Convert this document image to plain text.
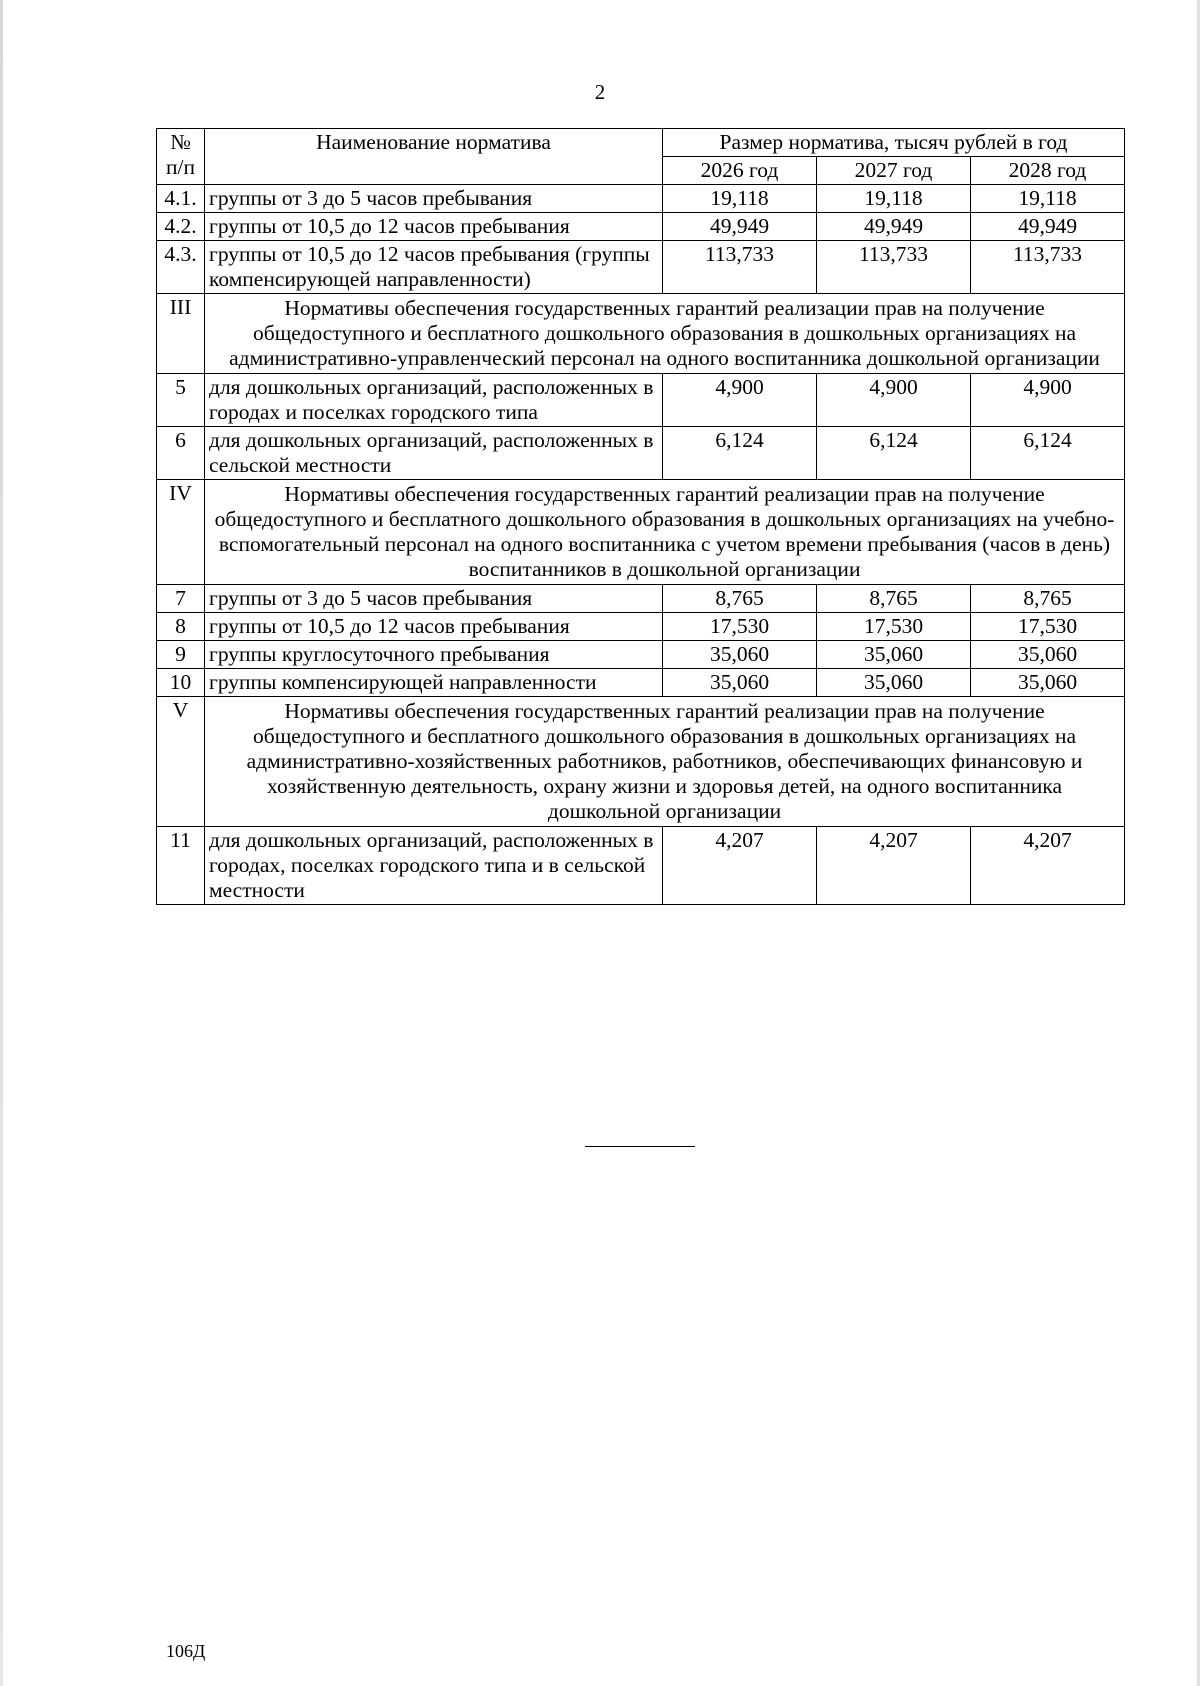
2
№ п/п	Наименование норматива	Размер норматива, тысяч рублей в год		
		2026 год	2027 год	2028 год
4.1.	группы от 3 до 5 часов пребывания	19,118	19,118	19,118
4.2.	группы от 10,5 до 12 часов пребывания	49,949	49,949	49,949
4.3.	группы от 10,5 до 12 часов пребывания (группы компенсирующей направленности)	113,733	113,733	113,733
III	Нормативы обеспечения государственных гарантий реализации прав на получение общедоступного и бесплатного дошкольного образования в дошкольных организациях на административно-управленческий персонал на одного воспитанника дошкольной организации			
5	для дошкольных организаций, расположенных в городах и поселках городского типа	4,900	4,900	4,900
6	для дошкольных организаций, расположенных в сельской местности	6,124	6,124	6,124
IV	Нормативы обеспечения государственных гарантий реализации прав на получение общедоступного и бесплатного дошкольного образования в дошкольных организациях на учебно-вспомогательный персонал на одного воспитанника с учетом времени пребывания (часов в день) воспитанников в дошкольной организации			
7	группы от 3 до 5 часов пребывания	8,765	8,765	8,765
8	группы от 10,5 до 12 часов пребывания	17,530	17,530	17,530
9	группы круглосуточного пребывания	35,060	35,060	35,060
10	группы компенсирующей направленности	35,060	35,060	35,060
V	Нормативы обеспечения государственных гарантий реализации прав на получение общедоступного и бесплатного дошкольного образования в дошкольных организациях на административно-хозяйственных работников, работников, обеспечивающих финансовую и хозяйственную деятельность, охрану жизни и здоровья детей, на одного воспитанника дошкольной организации			
11	для дошкольных организаций, расположенных в городах, поселках городского типа и в сельской местности	4,207	4,207	4,207
106Д
